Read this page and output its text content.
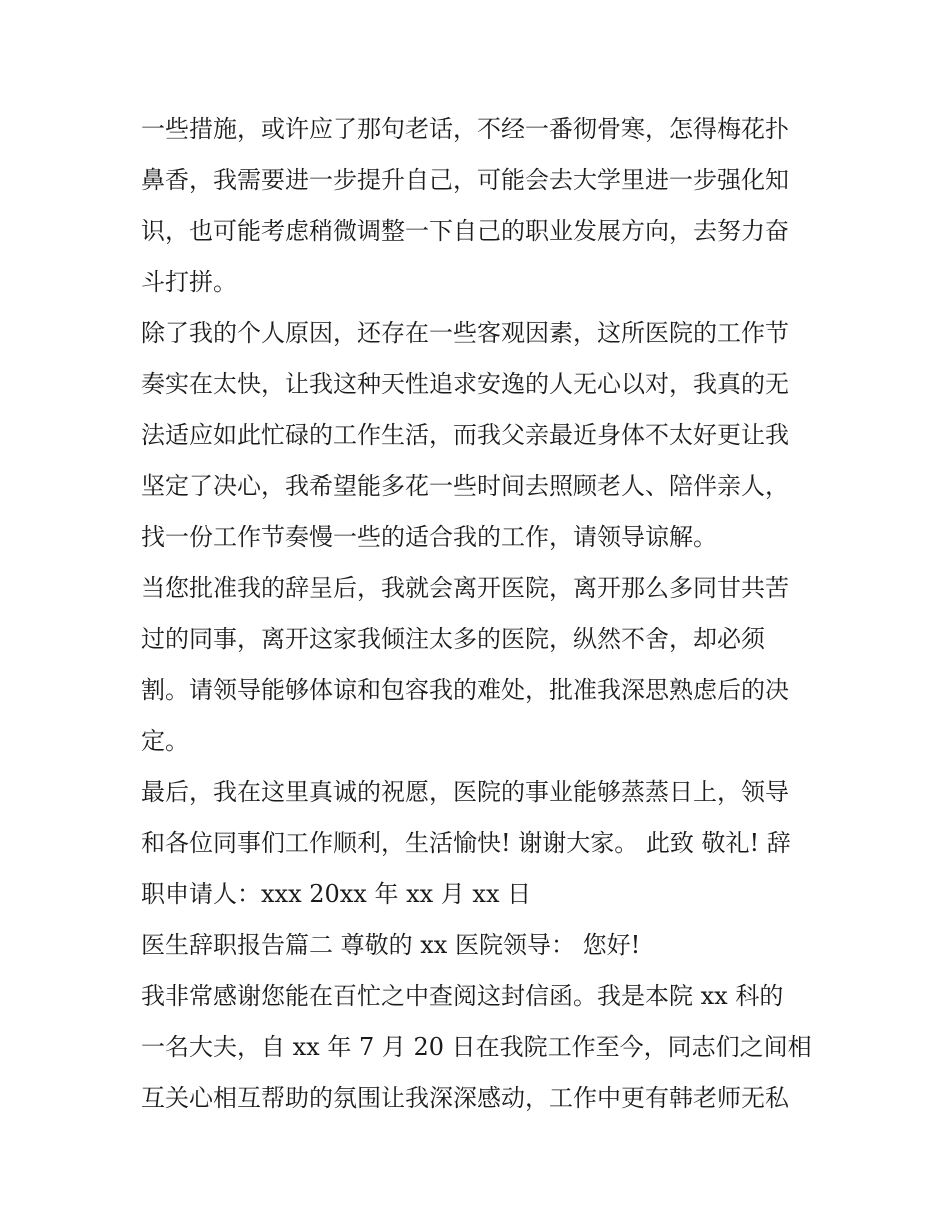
一些措施，或许应了那句老话，不经一番彻骨寒，怎得梅花扑
鼻香，我需要进一步提升自己，可能会去大学里进一步强化知
识，也可能考虑稍微调整一下自己的职业发展方向，去努力奋
斗打拼。
除了我的个人原因，还存在一些客观因素，这所医院的工作节
奏实在太快，让我这种天性追求安逸的人无心以对，我真的无
法适应如此忙碌的工作生活，而我父亲最近身体不太好更让我
坚定了决心，我希望能多花一些时间去照顾老人、陪伴亲人，
找一份工作节奏慢一些的适合我的工作，请领导谅解。
当您批准我的辞呈后，我就会离开医院，离开那么多同甘共苦
过的同事，离开这家我倾注太多的医院，纵然不舍，却必须
割。请领导能够体谅和包容我的难处，批准我深思熟虑后的决
定。
最后，我在这里真诚的祝愿，医院的事业能够蒸蒸日上，领导
和各位同事们工作顺利，生活愉快! 谢谢大家。 此致 敬礼! 辞
职申请人：xxx 20xx 年 xx 月 xx 日
医生辞职报告篇二 尊敬的 xx 医院领导： 您好!
我非常感谢您能在百忙之中查阅这封信函。我是本院 xx 科的
一名大夫，自 xx 年 7 月 20 日在我院工作至今，同志们之间相
互关心相互帮助的氛围让我深深感动，工作中更有韩老师无私
